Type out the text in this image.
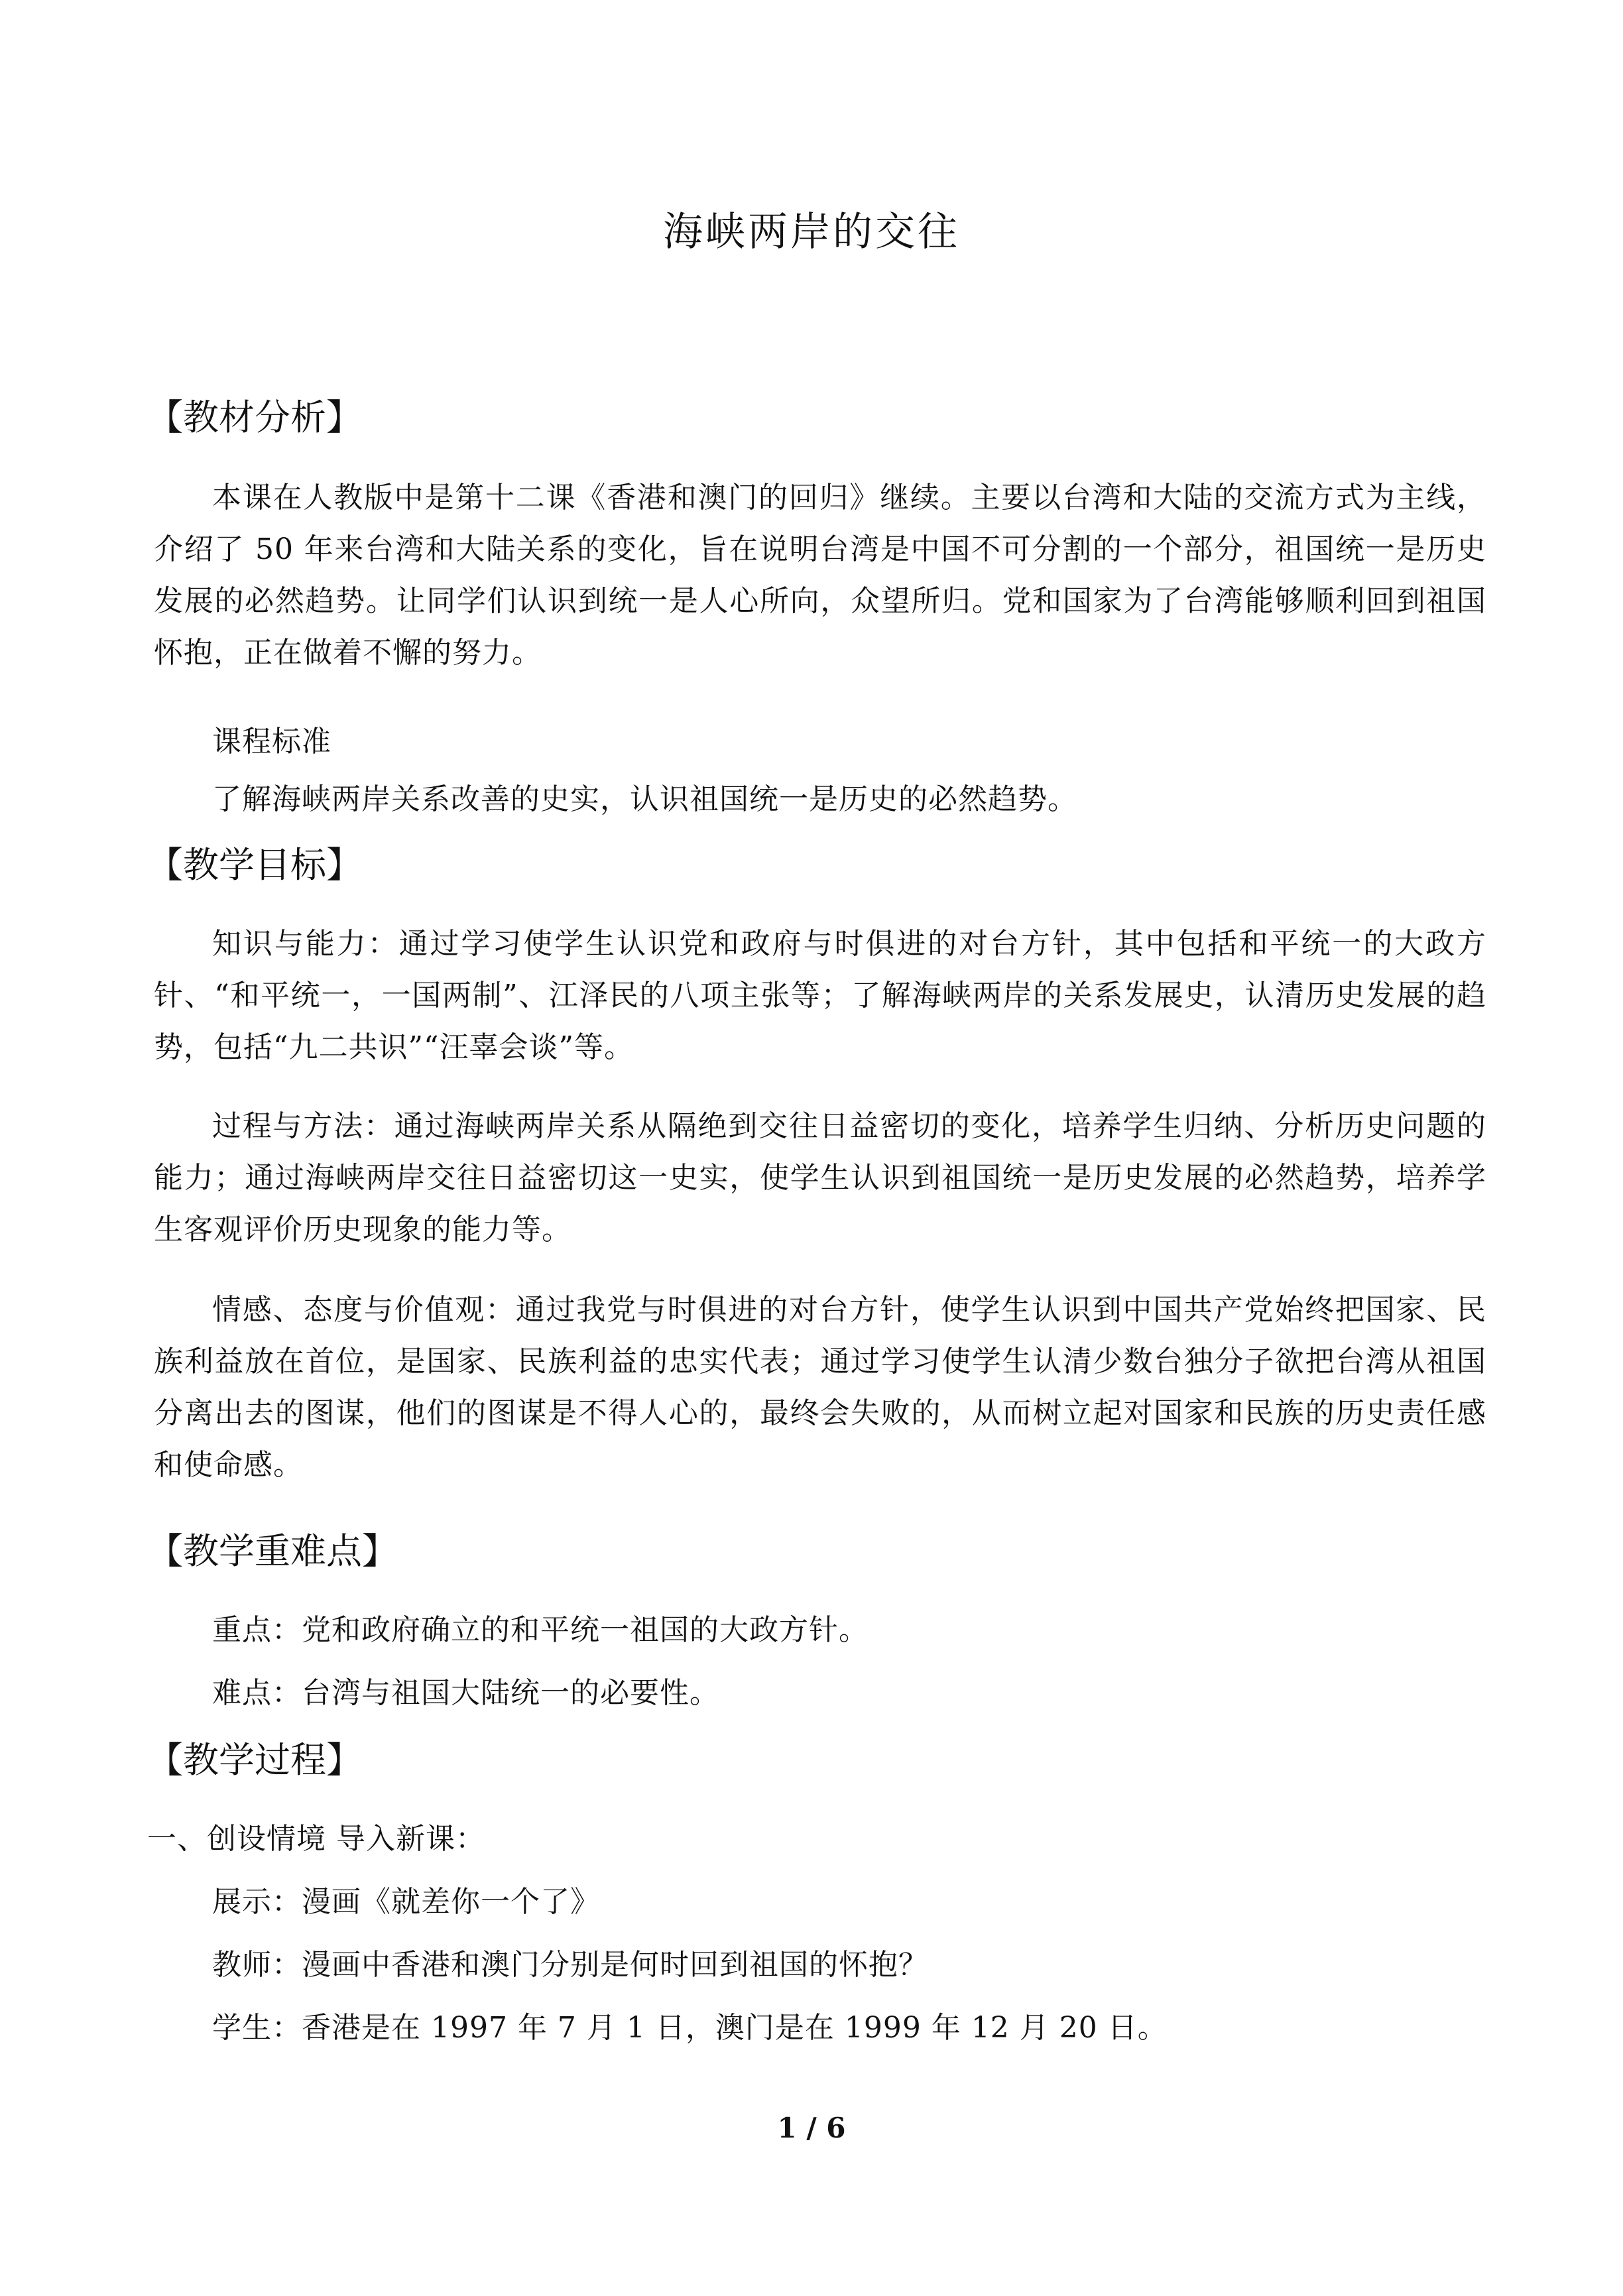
海峡两岸的交往
【教材分析】
本课在人教版中是第十二课《香港和澳门的回归》继续。主要以台湾和大陆的交流方式为主线，介绍了 50 年来台湾和大陆关系的变化，旨在说明台湾是中国不可分割的一个部分，祖国统一是历史发展的必然趋势。让同学们认识到统一是人心所向，众望所归。党和国家为了台湾能够顺利回到祖国怀抱，正在做着不懈的努力。
课程标准
了解海峡两岸关系改善的史实，认识祖国统一是历史的必然趋势。
【教学目标】
知识与能力：通过学习使学生认识党和政府与时俱进的对台方针，其中包括和平统一的大政方针、“和平统一，一国两制”、江泽民的八项主张等；了解海峡两岸的关系发展史，认清历史发展的趋势，包括“九二共识”“汪辜会谈”等。
过程与方法：通过海峡两岸关系从隔绝到交往日益密切的变化，培养学生归纳、分析历史问题的能力；通过海峡两岸交往日益密切这一史实，使学生认识到祖国统一是历史发展的必然趋势，培养学生客观评价历史现象的能力等。
情感、态度与价值观：通过我党与时俱进的对台方针，使学生认识到中国共产党始终把国家、民族利益放在首位，是国家、民族利益的忠实代表；通过学习使学生认清少数台独分子欲把台湾从祖国分离出去的图谋，他们的图谋是不得人心的，最终会失败的，从而树立起对国家和民族的历史责任感和使命感。
【教学重难点】
重点：党和政府确立的和平统一祖国的大政方针。
难点：台湾与祖国大陆统一的必要性。
【教学过程】
一、创设情境 导入新课：
展示：漫画《就差你一个了》
教师：漫画中香港和澳门分别是何时回到祖国的怀抱？
学生：香港是在 1997 年 7 月 1 日，澳门是在 1999 年 12 月 20 日。
1 / 6
